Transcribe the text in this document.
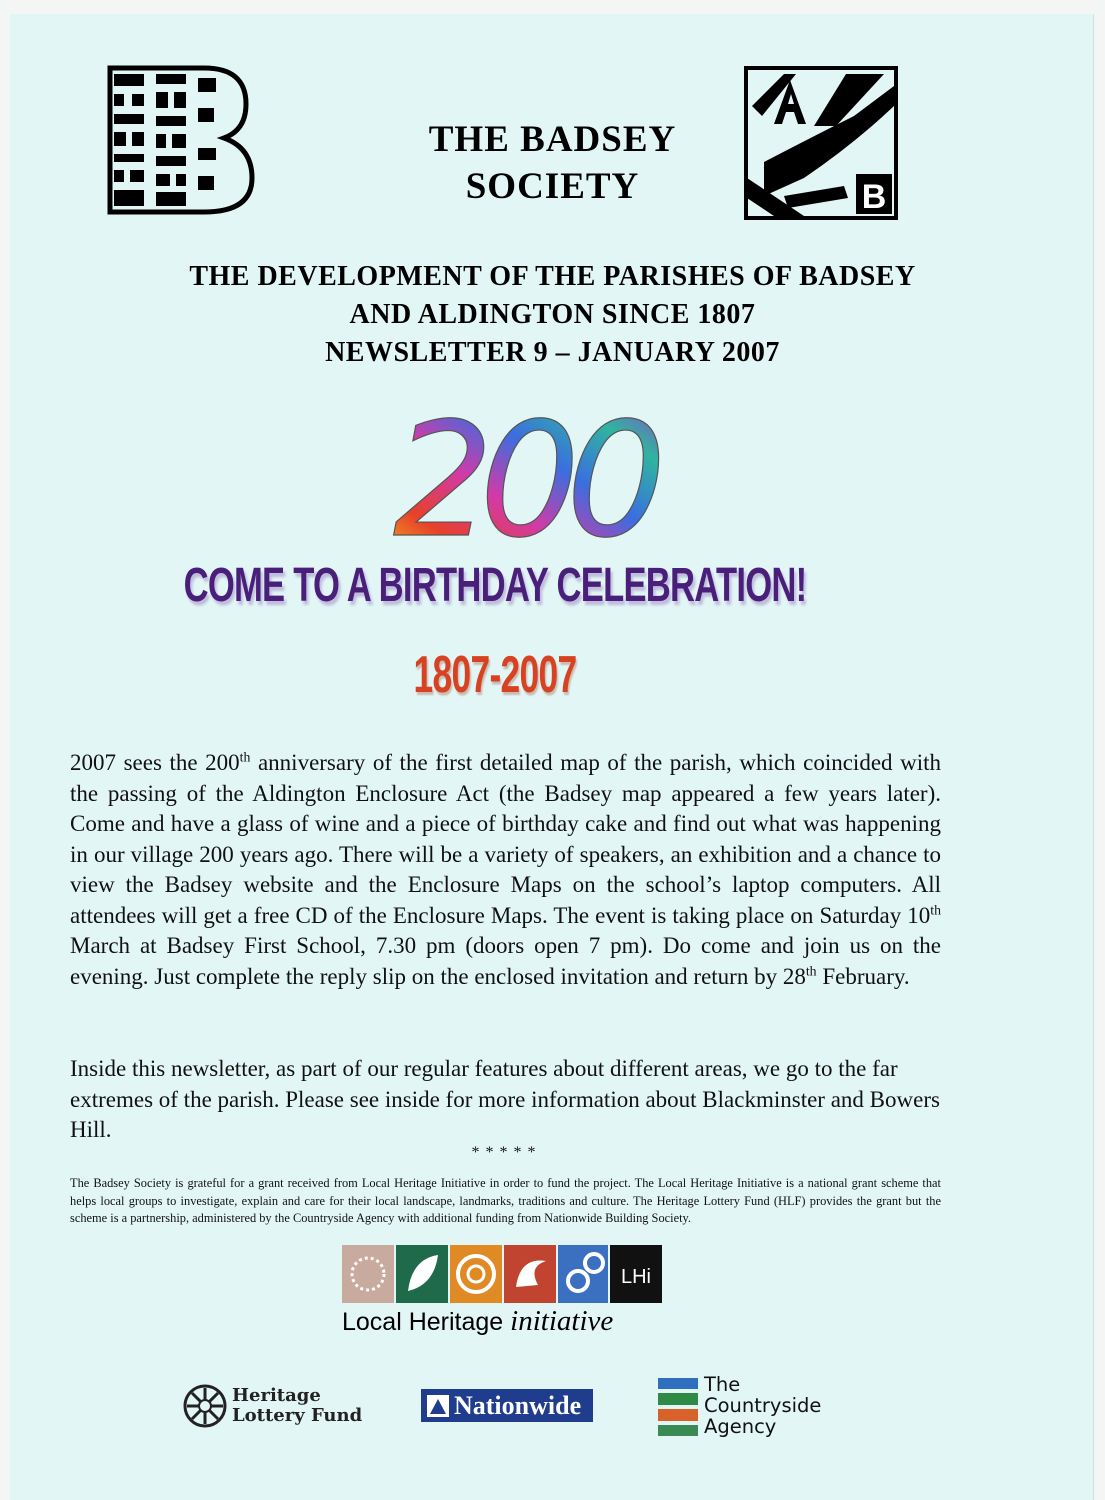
THE BADSEY
SOCIETY	B
THE DEVELOPMENT OF THE PARISHES OF BADSEY
AND ALDINGTON SINCE 1807
NEWSLETTER 9 – JANUARY 2007
200
COME TO A BIRTHDAY CELEBRATION!
1807-2007
2007 sees the 200th anniversary of the first detailed map of the parish, which coincided with the passing of the Aldington Enclosure Act (the Badsey map appeared a few years later). Come and have a glass of wine and a piece of birthday cake and find out what was happening in our village 200 years ago. There will be a variety of speakers, an exhibition and a chance to view the Badsey website and the Enclosure Maps on the school’s laptop computers. All attendees will get a free CD of the Enclosure Maps. The event is taking place on Saturday 10th March at Badsey First School, 7.30 pm (doors open 7 pm). Do come and join us on the evening. Just complete the reply slip on the enclosed invitation and return by 28th February.
Inside this newsletter, as part of our regular features about different areas, we go to the far extremes of the parish. Please see inside for more information about Blackminster and Bowers Hill.
*****
The Badsey Society is grateful for a grant received from Local Heritage Initiative in order to fund the project. The Local Heritage Initiative is a national grant scheme that helps local groups to investigate, explain and care for their local landscape, landmarks, traditions and culture. The Heritage Lottery Fund (HLF) provides the grant but the scheme is a partnership, administered by the Countryside Agency with additional funding from Nationwide Building Society.
LHi
Local Heritage initiative
Heritage
Lottery Fund	Nationwide
The
Countryside
Agency
